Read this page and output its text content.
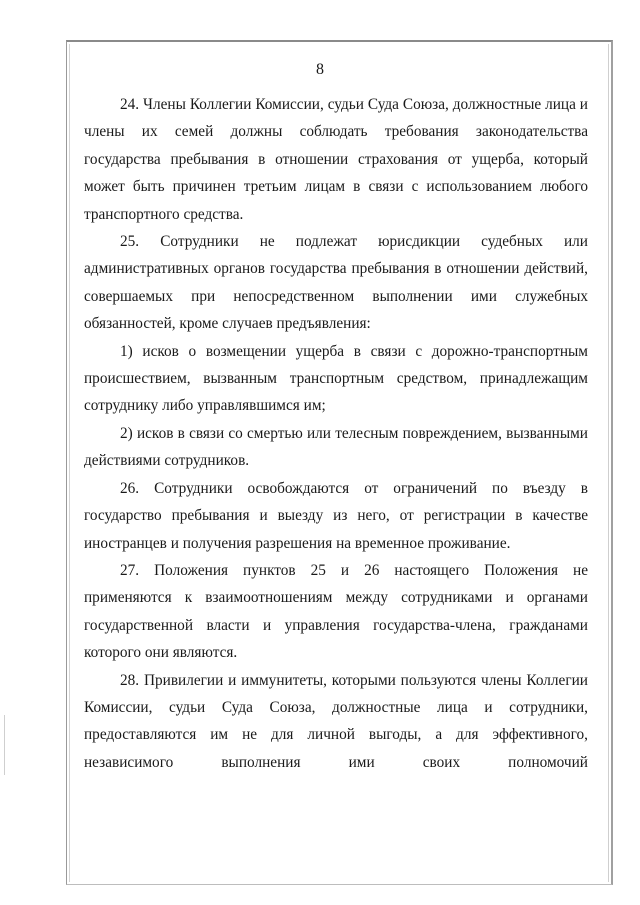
8

24. Члены Коллегии Комиссии, судьи Суда Союза, должностные лица и члены их семей должны соблюдать требования законодательства государства пребывания в отношении страхования от ущерба, который может быть причинен третьим лицам в связи с использованием любого транспортного средства.

25. Сотрудники не подлежат юрисдикции судебных или административных органов государства пребывания в отношении действий, совершаемых при непосредственном выполнении ими служебных обязанностей, кроме случаев предъявления:

1) исков о возмещении ущерба в связи с дорожно-транспортным происшествием, вызванным транспортным средством, принадлежащим сотруднику либо управлявшимся им;

2) исков в связи со смертью или телесным повреждением, вызванными действиями сотрудников.

26. Сотрудники освобождаются от ограничений по въезду в государство пребывания и выезду из него, от регистрации в качестве иностранцев и получения разрешения на временное проживание.

27. Положения пунктов 25 и 26 настоящего Положения не применяются к взаимоотношениям между сотрудниками и органами государственной власти и управления государства-члена, гражданами которого они являются.

28. Привилегии и иммунитеты, которыми пользуются члены Коллегии Комиссии, судьи Суда Союза, должностные лица и сотрудники, предоставляются им не для личной выгоды, а для эффективного, независимого выполнения ими своих полномочий
